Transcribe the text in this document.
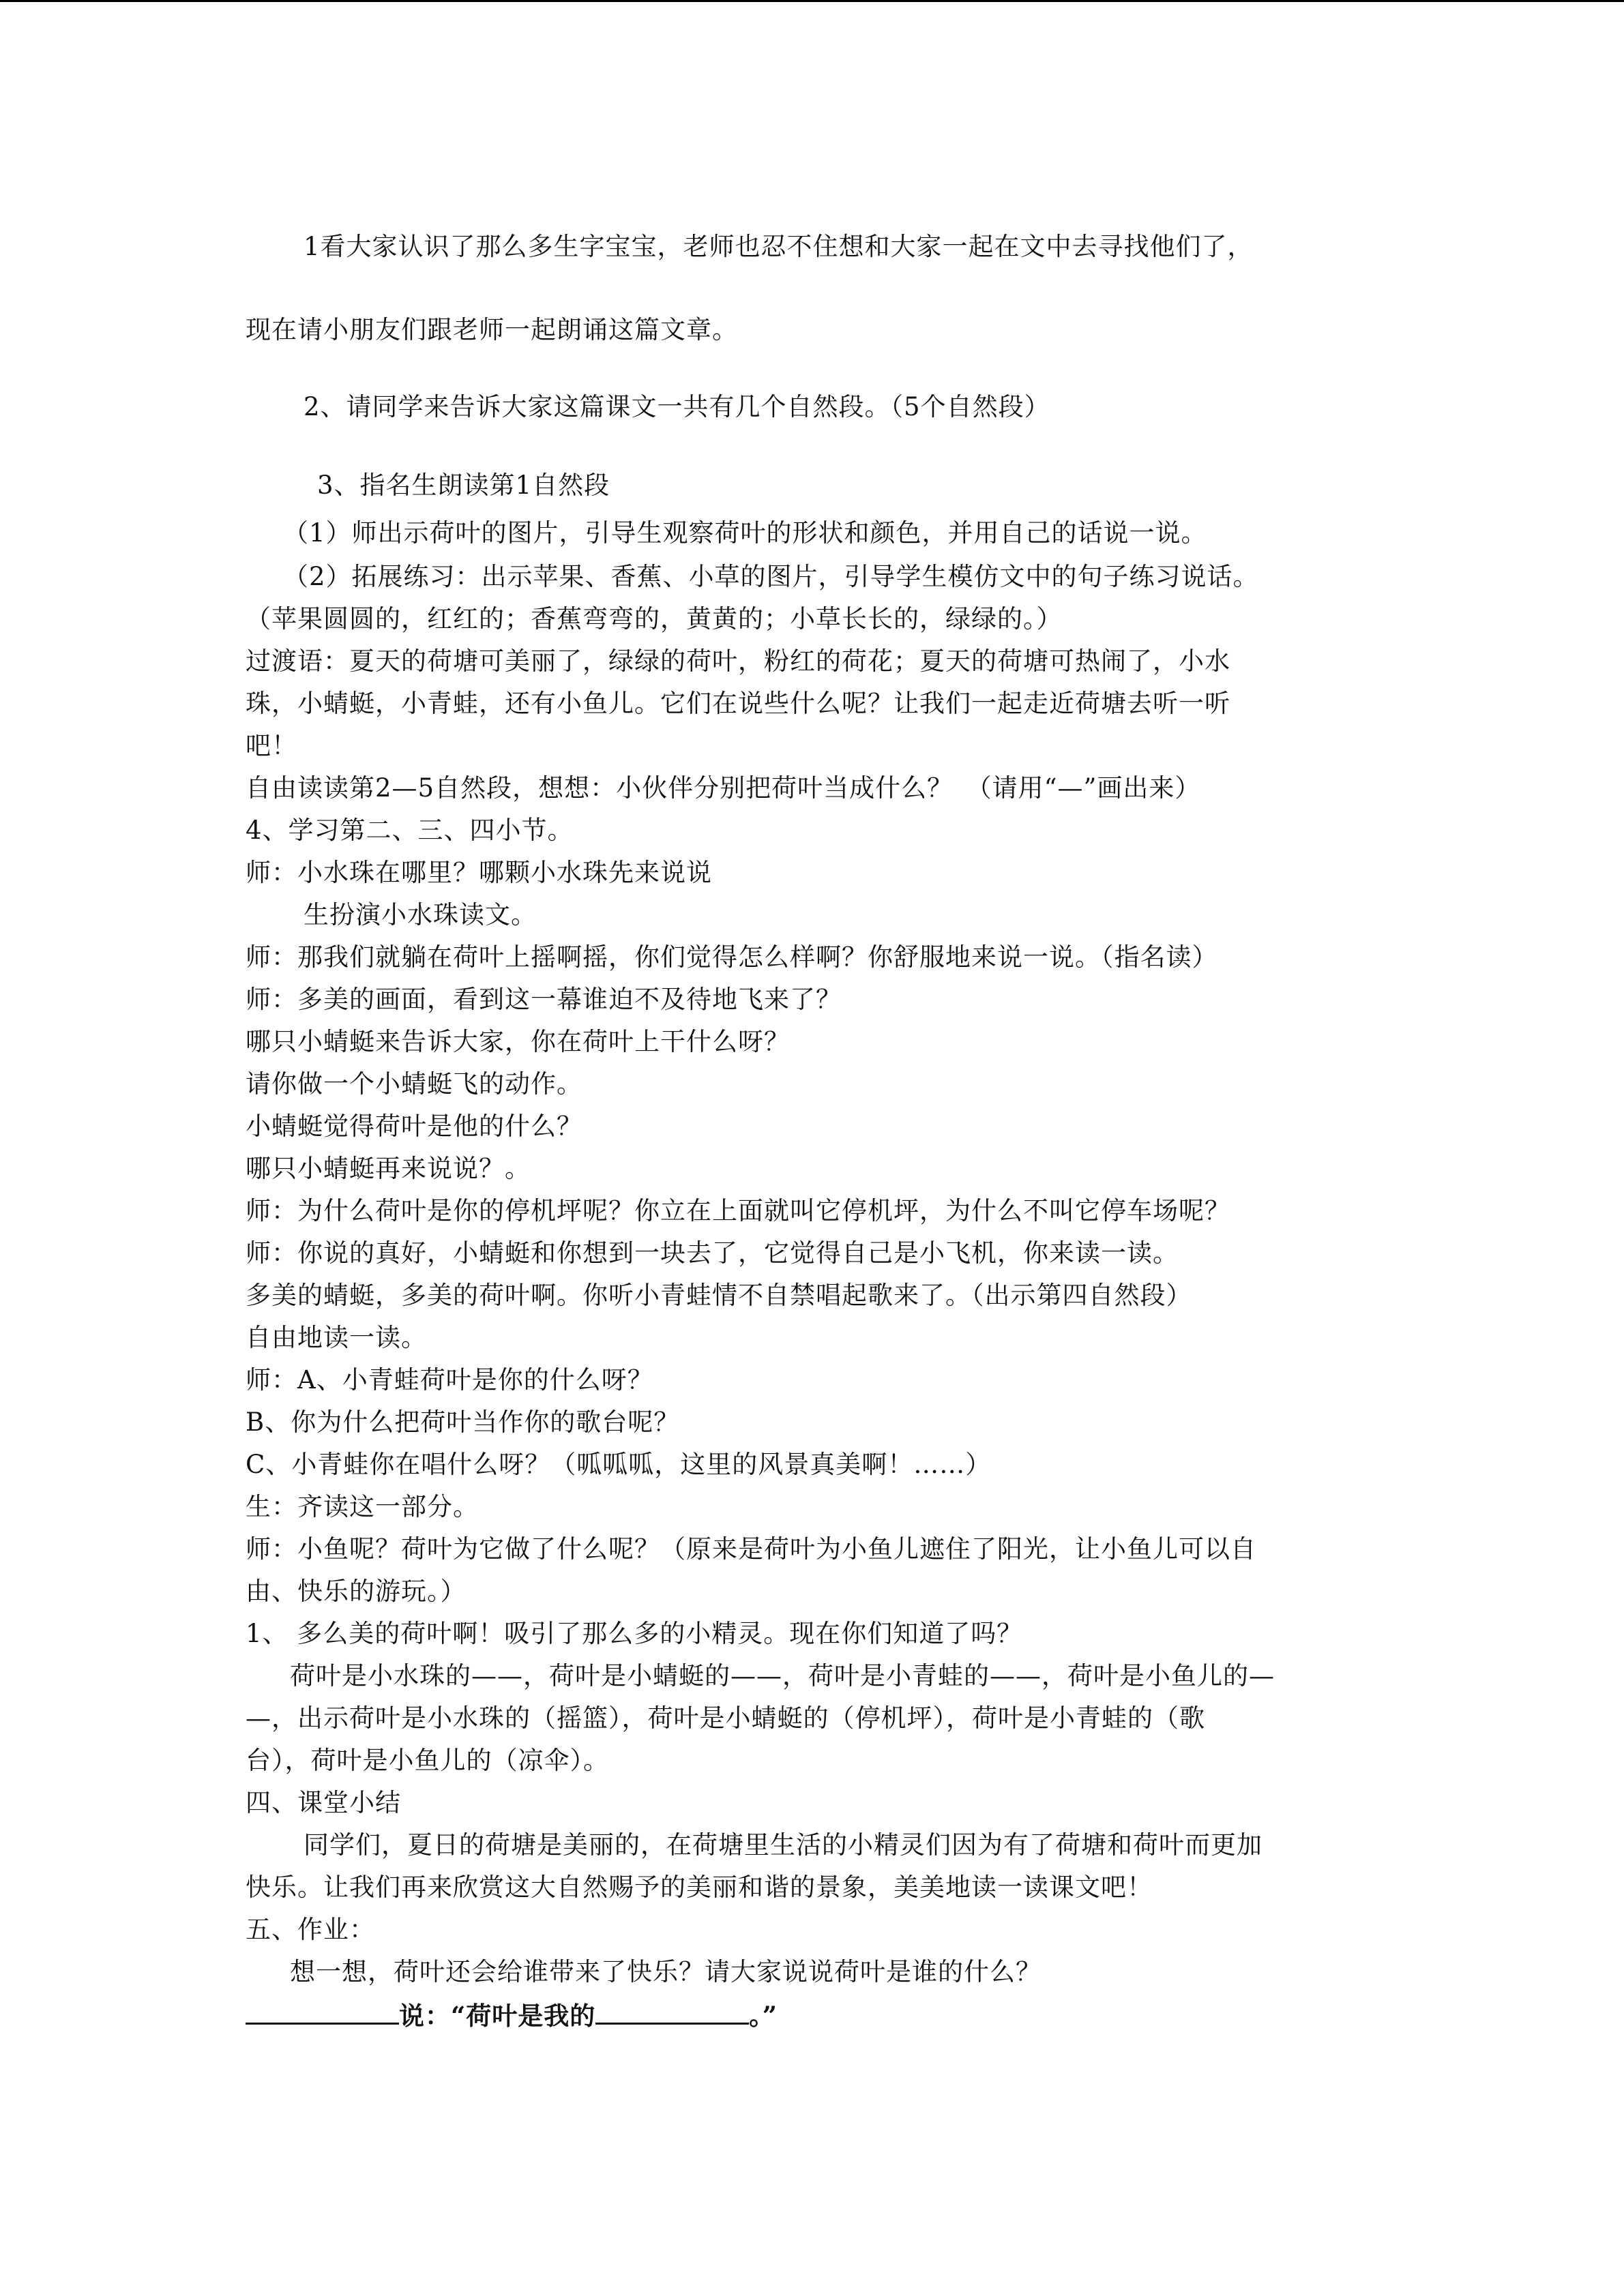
1看大家认识了那么多生字宝宝，老师也忍不住想和大家一起在文中去寻找他们了，
现在请小朋友们跟老师一起朗诵这篇文章。
2、请同学来告诉大家这篇课文一共有几个自然段。（5个自然段）
3、指名生朗读第1自然段
（1）师出示荷叶的图片，引导生观察荷叶的形状和颜色，并用自己的话说一说。
（2）拓展练习：出示苹果、香蕉、小草的图片，引导学生模仿文中的句子练习说话。
（苹果圆圆的，红红的；香蕉弯弯的，黄黄的；小草长长的，绿绿的。）
过渡语：夏天的荷塘可美丽了，绿绿的荷叶，粉红的荷花；夏天的荷塘可热闹了，小水
珠，小蜻蜓，小青蛙，还有小鱼儿。它们在说些什么呢？让我们一起走近荷塘去听一听
吧！
自由读读第2—5自然段，想想：小伙伴分别把荷叶当成什么？　（请用“—”画出来）
4、学习第二、三、四小节。
师：小水珠在哪里？哪颗小水珠先来说说
生扮演小水珠读文。
师：那我们就躺在荷叶上摇啊摇，你们觉得怎么样啊？你舒服地来说一说。（指名读）
师：多美的画面，看到这一幕谁迫不及待地飞来了？
哪只小蜻蜓来告诉大家，你在荷叶上干什么呀？
请你做一个小蜻蜓飞的动作。
小蜻蜓觉得荷叶是他的什么？
哪只小蜻蜓再来说说？。
师：为什么荷叶是你的停机坪呢？你立在上面就叫它停机坪，为什么不叫它停车场呢？
师：你说的真好，小蜻蜓和你想到一块去了，它觉得自己是小飞机，你来读一读。
多美的蜻蜓，多美的荷叶啊。你听小青蛙情不自禁唱起歌来了。（出示第四自然段）
自由地读一读。
师：A、小青蛙荷叶是你的什么呀？
B、你为什么把荷叶当作你的歌台呢？
C、小青蛙你在唱什么呀？（呱呱呱，这里的风景真美啊！……）
生：齐读这一部分。
师：小鱼呢？荷叶为它做了什么呢？（原来是荷叶为小鱼儿遮住了阳光，让小鱼儿可以自
由、快乐的游玩。）
1、 多么美的荷叶啊！吸引了那么多的小精灵。现在你们知道了吗？
荷叶是小水珠的——，荷叶是小蜻蜓的——，荷叶是小青蛙的——，荷叶是小鱼儿的—
—，出示荷叶是小水珠的（摇篮），荷叶是小蜻蜓的（停机坪），荷叶是小青蛙的（歌
台），荷叶是小鱼儿的（凉伞）。
四、课堂小结
同学们，夏日的荷塘是美丽的，在荷塘里生活的小精灵们因为有了荷塘和荷叶而更加
快乐。让我们再来欣赏这大自然赐予的美丽和谐的景象，美美地读一读课文吧！
五、作业：
想一想，荷叶还会给谁带来了快乐？请大家说说荷叶是谁的什么？
说：“荷叶是我的	。”
